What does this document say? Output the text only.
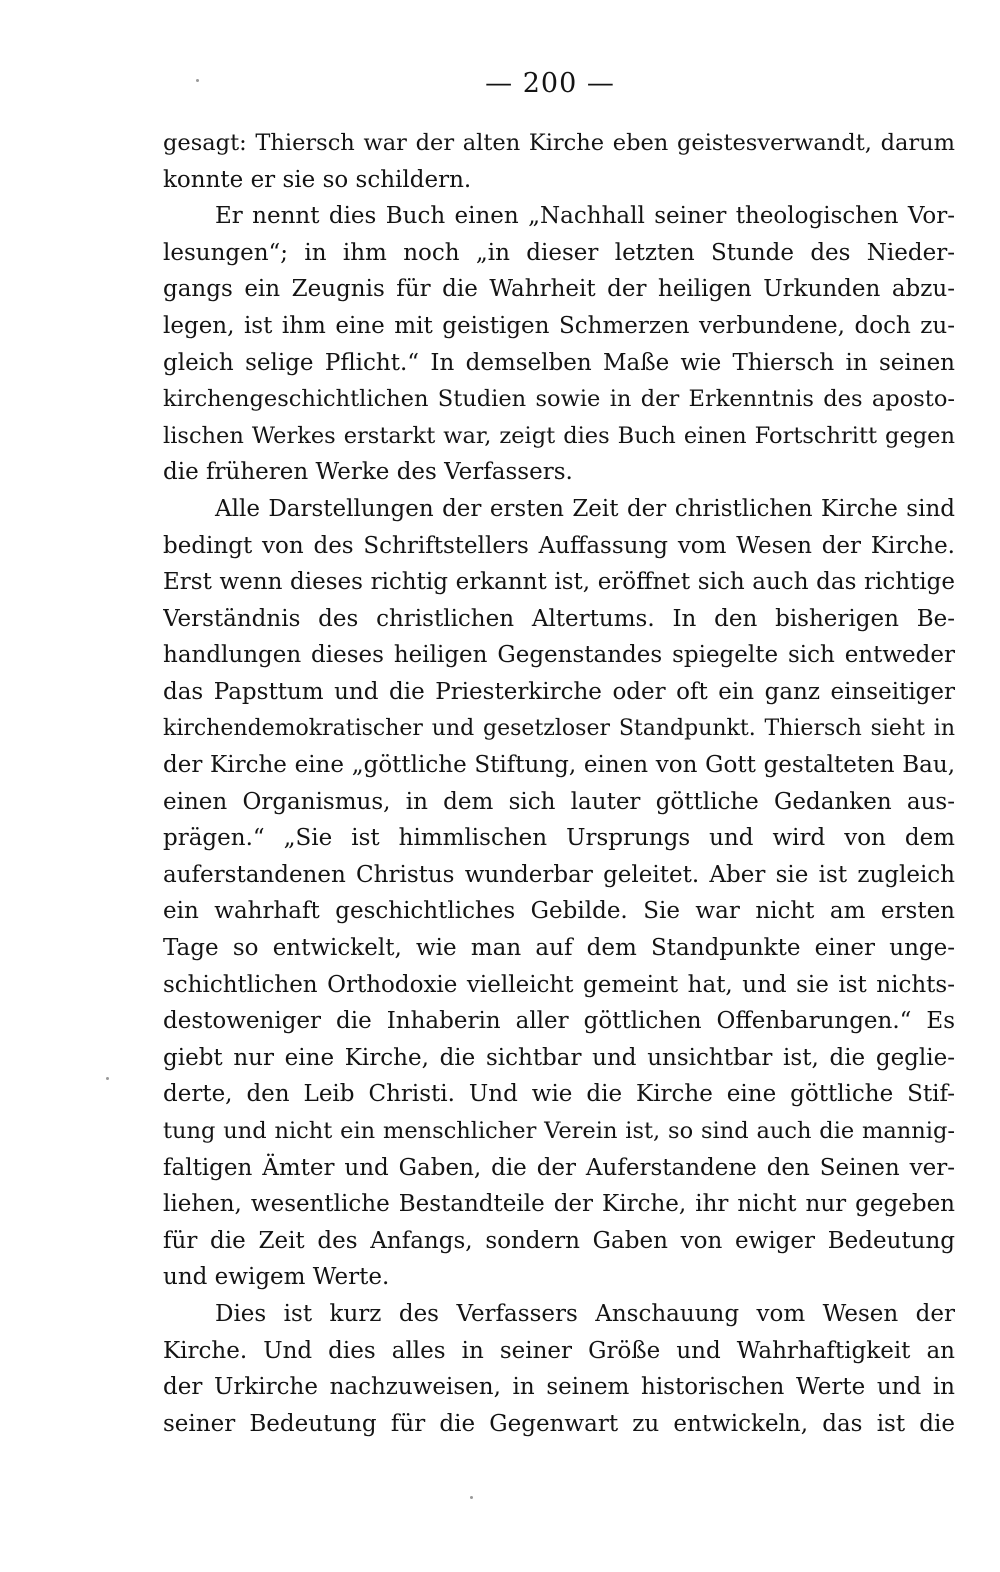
— 200 —
gesagt: Thiersch war der alten Kirche eben geistesverwandt, darum
konnte er sie so schildern.
Er nennt dies Buch einen „Nachhall seiner theologischen Vor-
lesungen“; in ihm noch „in dieser letzten Stunde des Nieder-
gangs ein Zeugnis für die Wahrheit der heiligen Urkunden abzu-
legen, ist ihm eine mit geistigen Schmerzen verbundene, doch zu-
gleich selige Pflicht.“ In demselben Maße wie Thiersch in seinen
kirchengeschichtlichen Studien sowie in der Erkenntnis des aposto-
lischen Werkes erstarkt war, zeigt dies Buch einen Fortschritt gegen
die früheren Werke des Verfassers.
Alle Darstellungen der ersten Zeit der christlichen Kirche sind
bedingt von des Schriftstellers Auffassung vom Wesen der Kirche.
Erst wenn dieses richtig erkannt ist, eröffnet sich auch das richtige
Verständnis des christlichen Altertums. In den bisherigen Be-
handlungen dieses heiligen Gegenstandes spiegelte sich entweder
das Papsttum und die Priesterkirche oder oft ein ganz einseitiger
kirchendemokratischer und gesetzloser Standpunkt. Thiersch sieht in
der Kirche eine „göttliche Stiftung, einen von Gott gestalteten Bau,
einen Organismus, in dem sich lauter göttliche Gedanken aus-
prägen.“ „Sie ist himmlischen Ursprungs und wird von dem
auferstandenen Christus wunderbar geleitet. Aber sie ist zugleich
ein wahrhaft geschichtliches Gebilde. Sie war nicht am ersten
Tage so entwickelt, wie man auf dem Standpunkte einer unge-
schichtlichen Orthodoxie vielleicht gemeint hat, und sie ist nichts-
destoweniger die Inhaberin aller göttlichen Offenbarungen.“ Es
giebt nur eine Kirche, die sichtbar und unsichtbar ist, die geglie-
derte, den Leib Christi. Und wie die Kirche eine göttliche Stif-
tung und nicht ein menschlicher Verein ist, so sind auch die mannig-
faltigen Ämter und Gaben, die der Auferstandene den Seinen ver-
liehen, wesentliche Bestandteile der Kirche, ihr nicht nur gegeben
für die Zeit des Anfangs, sondern Gaben von ewiger Bedeutung
und ewigem Werte.
Dies ist kurz des Verfassers Anschauung vom Wesen der
Kirche. Und dies alles in seiner Größe und Wahrhaftigkeit an
der Urkirche nachzuweisen, in seinem historischen Werte und in
seiner Bedeutung für die Gegenwart zu entwickeln, das ist die
